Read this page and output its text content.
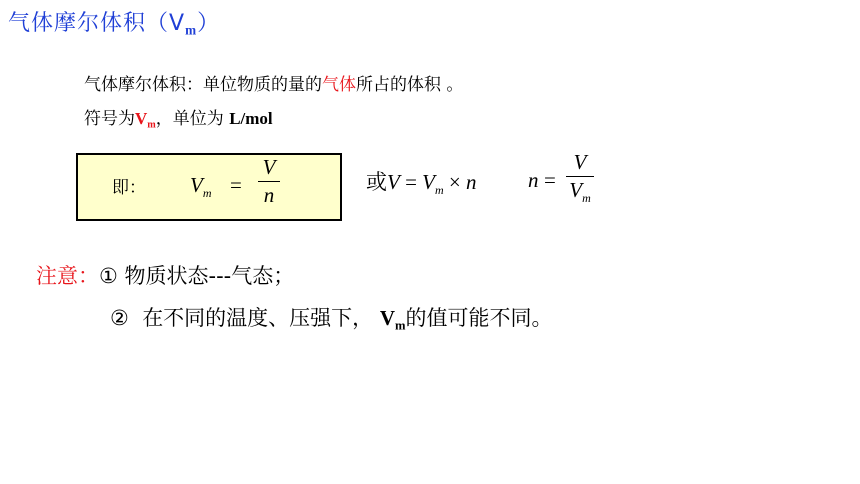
气体摩尔体积$(V_m)$
气体摩尔体积：单位物质的量的气体所占的体积 。
符号为$V_m$，单位为 L/mol
即： $V_m$ =
V
n
或$V = V_m \times n$ n =
V
$V_m$
注意：① 物质状态---气态；
② 在不同的温度、压强下， $V_m$的值可能不同。
